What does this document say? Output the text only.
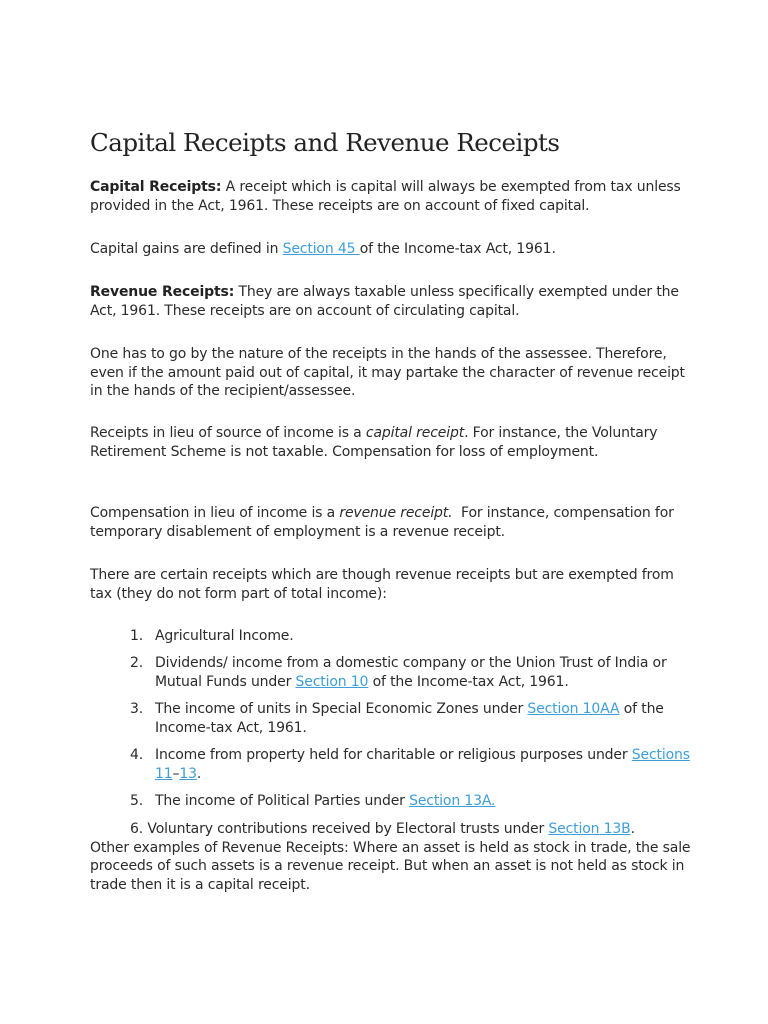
Capital Receipts and Revenue Receipts

Capital Receipts: A receipt which is capital will always be exempted from tax unless provided in the Act, 1961. These receipts are on account of fixed capital.

Capital gains are defined in Section 45 of the Income-tax Act, 1961.

Revenue Receipts: They are always taxable unless specifically exempted under the Act, 1961. These receipts are on account of circulating capital.

One has to go by the nature of the receipts in the hands of the assessee. Therefore, even if the amount paid out of capital, it may partake the character of revenue receipt in the hands of the recipient/assessee.

Receipts in lieu of source of income is a capital receipt. For instance, the Voluntary Retirement Scheme is not taxable. Compensation for loss of employment.

Compensation in lieu of income is a revenue receipt.  For instance, compensation for temporary disablement of employment is a revenue receipt.

There are certain receipts which are though revenue receipts but are exempted from tax (they do not form part of total income):

1. Agricultural Income.

2. Dividends/ income from a domestic company or the Union Trust of India or Mutual Funds under Section 10 of the Income-tax Act, 1961.

3. The income of units in Special Economic Zones under Section 10AA of the Income-tax Act, 1961.

4. Income from property held for charitable or religious purposes under Sections 11–13.

5. The income of Political Parties under Section 13A.

6. Voluntary contributions received by Electoral trusts under Section 13B.
Other examples of Revenue Receipts: Where an asset is held as stock in trade, the sale proceeds of such assets is a revenue receipt. But when an asset is not held as stock in trade then it is a capital receipt.
